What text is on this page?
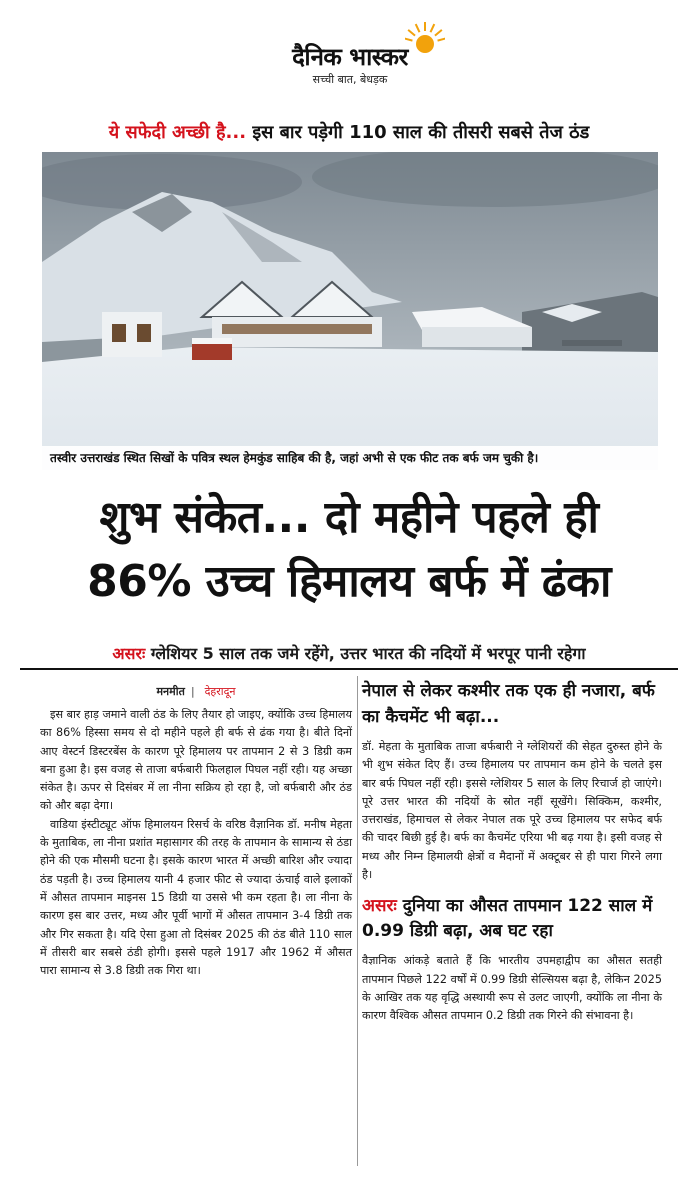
दैनिक भास्कर
सच्ची बात, बेधड़क
ये सफेदी अच्छी है... इस बार पड़ेगी 110 साल की तीसरी सबसे तेज ठंड
तस्वीर उत्तराखंड स्थित सिखों के पवित्र स्थल हेमकुंड साहिब की है, जहां अभी से एक फीट तक बर्फ जम चुकी है।
शुभ संकेत... दो महीने पहले ही
86% उच्च हिमालय बर्फ में ढंका
असरः ग्लेशियर 5 साल तक जमे रहेंगे, उत्तर भारत की नदियों में भरपूर पानी रहेगा
मनमीत | देहरादून

इस बार हाड़ जमाने वाली ठंड के लिए तैयार हो जाइए, क्योंकि उच्च हिमालय का 86% हिस्सा समय से दो महीने पहले ही बर्फ से ढंक गया है। बीते दिनों आए वेस्टर्न डिस्टरबेंस के कारण पूरे हिमालय पर तापमान 2 से 3 डिग्री कम बना हुआ है। इस वजह से ताजा बर्फबारी फिलहाल पिघल नहीं रही। यह अच्छा संकेत है। ऊपर से दिसंबर में ला नीना सक्रिय हो रहा है, जो बर्फबारी और ठंड को और बढ़ा देगा।

वाडिया इंस्टीट्यूट ऑफ हिमालयन रिसर्च के वरिष्ठ वैज्ञानिक डॉ. मनीष मेहता के मुताबिक, ला नीना प्रशांत महासागर की तरह के तापमान के सामान्य से ठंडा होने की एक मौसमी घटना है। इसके कारण भारत में अच्छी बारिश और ज्यादा ठंड पड़ती है। उच्च हिमालय यानी 4 हजार फीट से ज्यादा ऊंचाई वाले इलाकों में औसत तापमान माइनस 15 डिग्री या उससे भी कम रहता है। ला नीना के कारण इस बार उत्तर, मध्य और पूर्वी भागों में औसत तापमान 3-4 डिग्री तक और गिर सकता है। यदि ऐसा हुआ तो दिसंबर 2025 की ठंड बीते 110 साल में तीसरी बार सबसे ठंडी होगी। इससे पहले 1917 और 1962 में औसत पारा सामान्य से 3.8 डिग्री तक गिरा था।

नेपाल से लेकर कश्मीर तक एक ही नजारा, बर्फ का कैचमेंट भी बढ़ा...
डॉ. मेहता के मुताबिक ताजा बर्फबारी ने ग्लेशियरों की सेहत दुरुस्त होने के भी शुभ संकेत दिए हैं। उच्च हिमालय पर तापमान कम होने के चलते इस बार बर्फ पिघल नहीं रही। इससे ग्लेशियर 5 साल के लिए रिचार्ज हो जाएंगे। पूरे उत्तर भारत की नदियों के स्रोत नहीं सूखेंगे। सिक्किम, कश्मीर, उत्तराखंड, हिमाचल से लेकर नेपाल तक पूरे उच्च हिमालय पर सफेद बर्फ की चादर बिछी हुई है। बर्फ का कैचमेंट एरिया भी बढ़ गया है। इसी वजह से मध्य और निम्न हिमालयी क्षेत्रों व मैदानों में अक्टूबर से ही पारा गिरने लगा है।
असरः दुनिया का औसत तापमान 122 साल में 0.99 डिग्री बढ़ा, अब घट रहा
वैज्ञानिक आंकड़े बताते हैं कि भारतीय उपमहाद्वीप का औसत सतही तापमान पिछले 122 वर्षों में 0.99 डिग्री सेल्सियस बढ़ा है, लेकिन 2025 के आखिर तक यह वृद्धि अस्थायी रूप से उलट जाएगी, क्योंकि ला नीना के कारण वैश्विक औसत तापमान 0.2 डिग्री तक गिरने की संभावना है।
